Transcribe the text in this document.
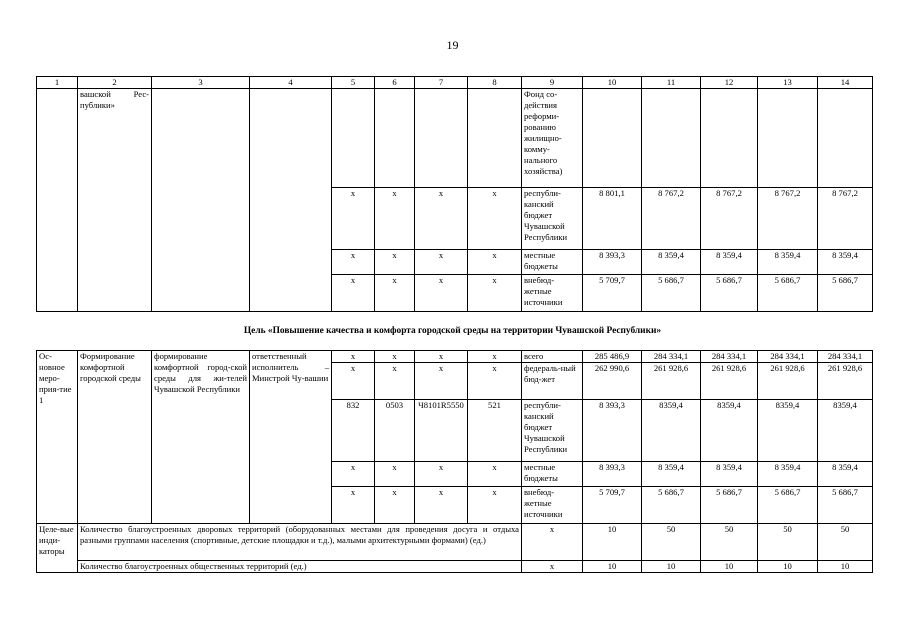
19
1	2	3	4	5	6	7	8	9	10	11	12	13	14
	вашской Рес-публики»							Фонд со-действия реформи-рованию жилищно-комму-нального хозяйства)					
				х	х	х	х	республи-канский бюджет Чувашской Республики	8 801,1	8 767,2	8 767,2	8 767,2	8 767,2
				х	х	х	х	местные бюджеты	8 393,3	8 359,4	8 359,4	8 359,4	8 359,4
				х	х	х	х	внебюд-жетные источники	5 709,7	5 686,7	5 686,7	5 686,7	5 686,7
Цель «Повышение качества и комфорта городской среды на территории Чувашской Республики»
Ос-новное меро-прия-тие 1	Формирование комфортной городской среды	формирование комфортной город-ской среды для жи-телей Чувашской Республики	ответственный исполнитель – Минстрой Чу-вашии	х	х	х	х	всего	285 486,9	284 334,1	284 334,1	284 334,1	284 334,1
				х	х	х	х	федераль-ный бюд-жет	262 990,6	261 928,6	261 928,6	261 928,6	261 928,6
				832	0503	Ч8101R5550	521	республи-канский бюджет Чувашской Республики	8 393,3	8359,4	8359,4	8359,4	8359,4
				х	х	х	х	местные бюджеты	8 393,3	8 359,4	8 359,4	8 359,4	8 359,4
				х	х	х	х	внебюд-жетные источники	5 709,7	5 686,7	5 686,7	5 686,7	5 686,7
Целе-вые инди-каторы	Количество благоустроенных дворовых территорий (оборудованных местами для проведения досуга и отдыха разными группами населения (спортивные, детские площадки и т.д.), малыми архитектурными формами) (ед.)							х	10	50	50	50	50
	Количество благоустроенных общественных территорий (ед.)							х	10	10	10	10	10
